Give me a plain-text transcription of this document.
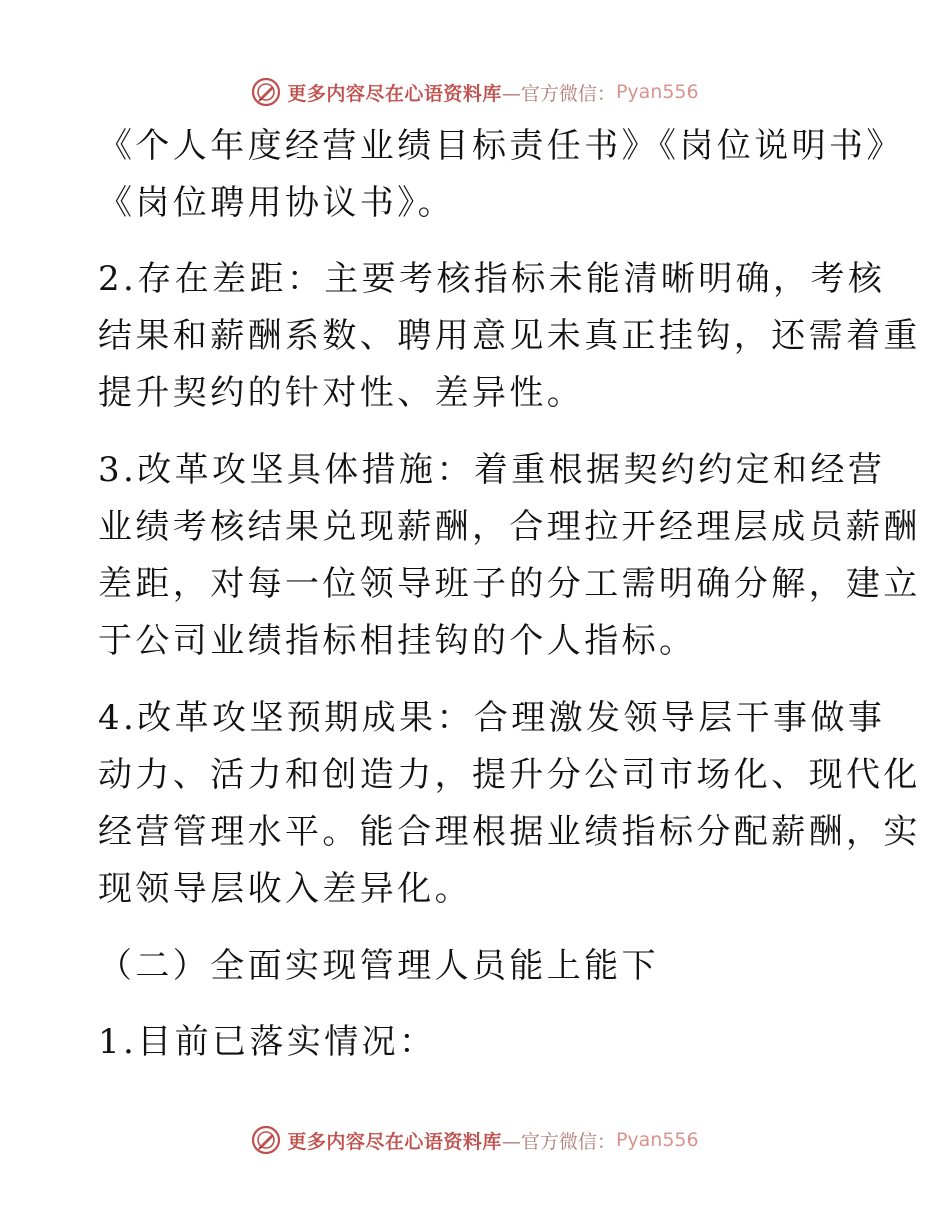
更多内容尽在心语资料库 —官方微信： Pyan556
《个人年度经营业绩目标责任书》《岗位说明书》
《岗位聘用协议书》。
2.存在差距：主要考核指标未能清晰明确，考核
结果和薪酬系数、聘用意见未真正挂钩，还需着重
提升契约的针对性、差异性。
3.改革攻坚具体措施：着重根据契约约定和经营
业绩考核结果兑现薪酬，合理拉开经理层成员薪酬
差距，对每一位领导班子的分工需明确分解，建立
于公司业绩指标相挂钩的个人指标。
4.改革攻坚预期成果：合理激发领导层干事做事
动力、活力和创造力，提升分公司市场化、现代化
经营管理水平。能合理根据业绩指标分配薪酬，实
现领导层收入差异化。
（二）全面实现管理人员能上能下
1.目前已落实情况：
更多内容尽在心语资料库 —官方微信： Pyan556
